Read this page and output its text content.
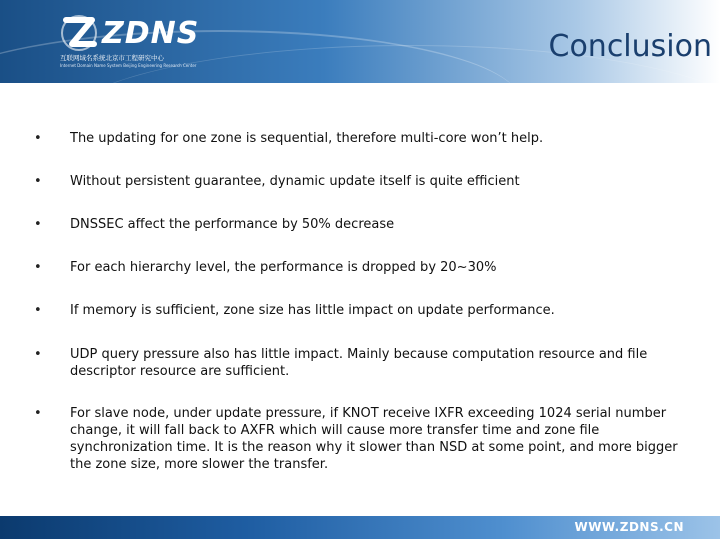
ZDNS
互联网域名系统北京市工程研究中心
Internet Domain Name System Beijing Engineering Research Center
Conclusion
• The updating for one zone is sequential, therefore multi-core won’t help.
• Without persistent guarantee, dynamic update itself is quite efficient
• DNSSEC affect the performance by 50% decrease
• For each hierarchy level, the performance is dropped by 20~30%
• If memory is sufficient, zone size has little impact on update performance.
• UDP query pressure also has little impact. Mainly because computation resource and file descriptor resource are sufficient.
• For slave node, under update pressure, if KNOT receive IXFR exceeding 1024 serial number change, it will fall back to AXFR which will cause more transfer time and zone file synchronization time. It is the reason why it slower than NSD at some point, and more bigger the zone size, more slower the transfer.
WWW.ZDNS.CN
